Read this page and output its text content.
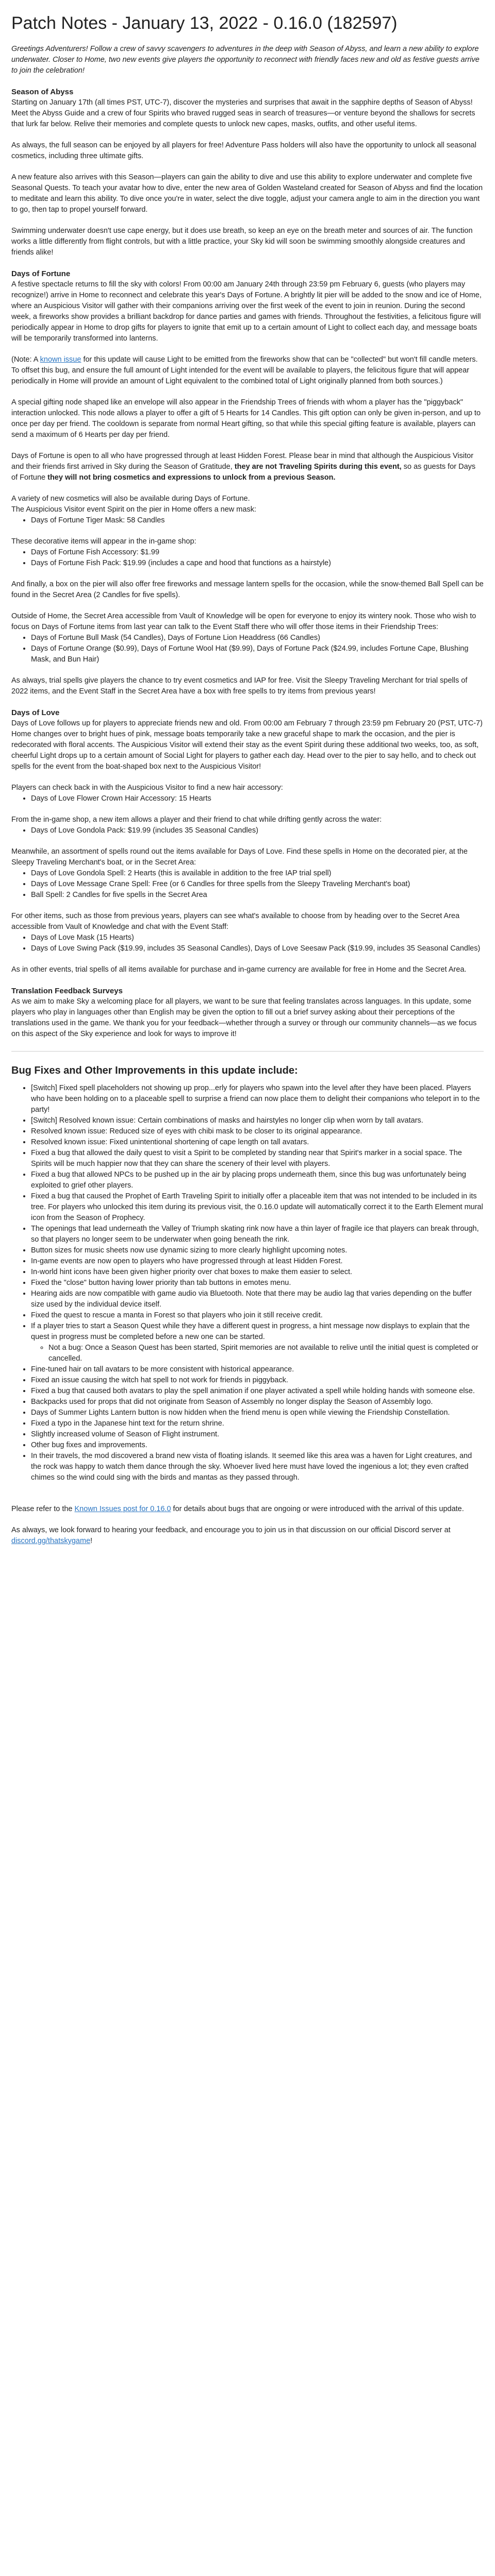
Patch Notes - January 13, 2022 - 0.16.0 (182597)

Greetings Adventurers! Follow a crew of savvy scavengers to adventures in the deep with Season of Abyss, and learn a new ability to explore underwater. Closer to Home, two new events give players the opportunity to reconnect with friendly faces new and old as festive guests arrive to join the celebration!

Season of Abyss

Starting on January 17th (all times PST, UTC-7), discover the mysteries and surprises that await in the sapphire depths of Season of Abyss! Meet the Abyss Guide and a crew of four Spirits who braved rugged seas in search of treasures—or venture beyond the shallows for secrets that lurk far below. Relive their memories and complete quests to unlock new capes, masks, outfits, and other useful items.

As always, the full season can be enjoyed by all players for free! Adventure Pass holders will also have the opportunity to unlock all seasonal cosmetics, including three ultimate gifts.

A new feature also arrives with this Season—players can gain the ability to dive and use this ability to explore underwater and complete five Seasonal Quests. To teach your avatar how to dive, enter the new area of Golden Wasteland created for Season of Abyss and find the location to meditate and learn this ability. To dive once you're in water, select the dive toggle, adjust your camera angle to aim in the direction you want to go, then tap to propel yourself forward.

Swimming underwater doesn't use cape energy, but it does use breath, so keep an eye on the breath meter and sources of air. The function works a little differently from flight controls, but with a little practice, your Sky kid will soon be swimming smoothly alongside creatures and friends alike!

Days of Fortune

A festive spectacle returns to fill the sky with colors! From 00:00 am January 24th through 23:59 pm February 6, guests (who players may recognize!) arrive in Home to reconnect and celebrate this year's Days of Fortune. A brightly lit pier will be added to the snow and ice of Home, where an Auspicious Visitor will gather with their companions arriving over the first week of the event to join in reunion. During the second week, a fireworks show provides a brilliant backdrop for dance parties and games with friends. Throughout the festivities, a felicitous figure will periodically appear in Home to drop gifts for players to ignite that emit up to a certain amount of Light to collect each day, and message boats will be temporarily transformed into lanterns.

(Note: A known issue for this update will cause Light to be emitted from the fireworks show that can be "collected" but won't fill candle meters. To offset this bug, and ensure the full amount of Light intended for the event will be available to players, the felicitous figure that will appear periodically in Home will provide an amount of Light equivalent to the combined total of Light originally planned from both sources.)

A special gifting node shaped like an envelope will also appear in the Friendship Trees of friends with whom a player has the "piggyback" interaction unlocked. This node allows a player to offer a gift of 5 Hearts for 14 Candles. This gift option can only be given in-person, and up to once per day per friend. The cooldown is separate from normal Heart gifting, so that while this special gifting feature is available, players can send a maximum of 6 Hearts per day per friend.

Days of Fortune is open to all who have progressed through at least Hidden Forest. Please bear in mind that although the Auspicious Visitor and their friends first arrived in Sky during the Season of Gratitude, they are not Traveling Spirits during this event, so as guests for Days of Fortune they will not bring cosmetics and expressions to unlock from a previous Season.

A variety of new cosmetics will also be available during Days of Fortune.

The Auspicious Visitor event Spirit on the pier in Home offers a new mask:

• Days of Fortune Tiger Mask: 58 Candles

These decorative items will appear in the in-game shop:

• Days of Fortune Fish Accessory: $1.99
• Days of Fortune Fish Pack: $19.99 (includes a cape and hood that functions as a hairstyle)

And finally, a box on the pier will also offer free fireworks and message lantern spells for the occasion, while the snow-themed Ball Spell can be found in the Secret Area (2 Candles for five spells).

Outside of Home, the Secret Area accessible from Vault of Knowledge will be open for everyone to enjoy its wintery nook. Those who wish to focus on Days of Fortune items from last year can talk to the Event Staff there who will offer those items in their Friendship Trees:

• Days of Fortune Bull Mask (54 Candles), Days of Fortune Lion Headdress (66 Candles)
• Days of Fortune Orange ($0.99), Days of Fortune Wool Hat ($9.99), Days of Fortune Pack ($24.99, includes Fortune Cape, Blushing Mask, and Bun Hair)

As always, trial spells give players the chance to try event cosmetics and IAP for free. Visit the Sleepy Traveling Merchant for trial spells of 2022 items, and the Event Staff in the Secret Area have a box with free spells to try items from previous years!

Days of Love

Days of Love follows up for players to appreciate friends new and old. From 00:00 am February 7 through 23:59 pm February 20 (PST, UTC-7) Home changes over to bright hues of pink, message boats temporarily take a new graceful shape to mark the occasion, and the pier is redecorated with floral accents. The Auspicious Visitor will extend their stay as the event Spirit during these additional two weeks, too, as soft, cheerful Light drops up to a certain amount of Social Light for players to gather each day. Head over to the pier to say hello, and to check out spells for the event from the boat-shaped box next to the Auspicious Visitor!

Players can check back in with the Auspicious Visitor to find a new hair accessory:

• Days of Love Flower Crown Hair Accessory: 15 Hearts

From the in-game shop, a new item allows a player and their friend to chat while drifting gently across the water:

• Days of Love Gondola Pack: $19.99 (includes 35 Seasonal Candles)

Meanwhile, an assortment of spells round out the items available for Days of Love. Find these spells in Home on the decorated pier, at the Sleepy Traveling Merchant's boat, or in the Secret Area:

• Days of Love Gondola Spell: 2 Hearts (this is available in addition to the free IAP trial spell)
• Days of Love Message Crane Spell: Free (or 6 Candles for three spells from the Sleepy Traveling Merchant's boat)
• Ball Spell: 2 Candles for five spells in the Secret Area

For other items, such as those from previous years, players can see what's available to choose from by heading over to the Secret Area accessible from Vault of Knowledge and chat with the Event Staff:

• Days of Love Mask (15 Hearts)
• Days of Love Swing Pack ($19.99, includes 35 Seasonal Candles), Days of Love Seesaw Pack ($19.99, includes 35 Seasonal Candles)

As in other events, trial spells of all items available for purchase and in-game currency are available for free in Home and the Secret Area.

Translation Feedback Surveys

As we aim to make Sky a welcoming place for all players, we want to be sure that feeling translates across languages. In this update, some players who play in languages other than English may be given the option to fill out a brief survey asking about their perceptions of the translations used in the game. We thank you for your feedback—whether through a survey or through our community channels—as we focus on this aspect of the Sky experience and look for ways to improve it!

Bug Fixes and Other Improvements in this update include:
• [Switch] Fixed spell placeholders not showing up prop...erly for players who spawn into the level after they have been placed. Players who have been holding on to a placeable spell to surprise a friend can now place them to delight their companions who teleport in to the party!
• [Switch] Resolved known issue: Certain combinations of masks and hairstyles no longer clip when worn by tall avatars.
• Resolved known issue: Reduced size of eyes with chibi mask to be closer to its original appearance.
• Resolved known issue: Fixed unintentional shortening of cape length on tall avatars.
• Fixed a bug that allowed the daily quest to visit a Spirit to be completed by standing near that Spirit's marker in a social space. The Spirits will be much happier now that they can share the scenery of their level with players.
• Fixed a bug that allowed NPCs to be pushed up in the air by placing props underneath them, since this bug was unfortunately being exploited to grief other players.
• Fixed a bug that caused the Prophet of Earth Traveling Spirit to initially offer a placeable item that was not intended to be included in its tree. For players who unlocked this item during its previous visit, the 0.16.0 update will automatically correct it to the Earth Element mural icon from the Season of Prophecy.
• The openings that lead underneath the Valley of Triumph skating rink now have a thin layer of fragile ice that players can break through, so that players no longer seem to be underwater when going beneath the rink.
• Button sizes for music sheets now use dynamic sizing to more clearly highlight upcoming notes.
• In-game events are now open to players who have progressed through at least Hidden Forest.
• In-world hint icons have been given higher priority over chat boxes to make them easier to select.
• Fixed the "close" button having lower priority than tab buttons in emotes menu.
• Hearing aids are now compatible with game audio via Bluetooth. Note that there may be audio lag that varies depending on the buffer size used by the individual device itself.
• Fixed the quest to rescue a manta in Forest so that players who join it still receive credit.
• If a player tries to start a Season Quest while they have a different quest in progress, a hint message now displays to explain that the quest in progress must be completed before a new one can be started.
◦ Not a bug: Once a Season Quest has been started, Spirit memories are not available to relive until the initial quest is completed or cancelled.
• Fine-tuned hair on tall avatars to be more consistent with historical appearance.
• Fixed an issue causing the witch hat spell to not work for friends in piggyback.
• Fixed a bug that caused both avatars to play the spell animation if one player activated a spell while holding hands with someone else.
• Backpacks used for props that did not originate from Season of Assembly no longer display the Season of Assembly logo.
• Days of Summer Lights Lantern button is now hidden when the friend menu is open while viewing the Friendship Constellation.
• Fixed a typo in the Japanese hint text for the return shrine.
• Slightly increased volume of Season of Flight instrument.
• Other bug fixes and improvements.
• In their travels, the mod discovered a brand new vista of floating islands. It seemed like this area was a haven for Light creatures, and the rock was happy to watch them dance through the sky. Whoever lived here must have loved the ingenious a lot; they even crafted chimes so the wind could sing with the birds and mantas as they passed through.

Please refer to the Known Issues post for 0.16.0 for details about bugs that are ongoing or were introduced with the arrival of this update.

As always, we look forward to hearing your feedback, and encourage you to join us in that discussion on our official Discord server at discord.gg/thatskygame!
